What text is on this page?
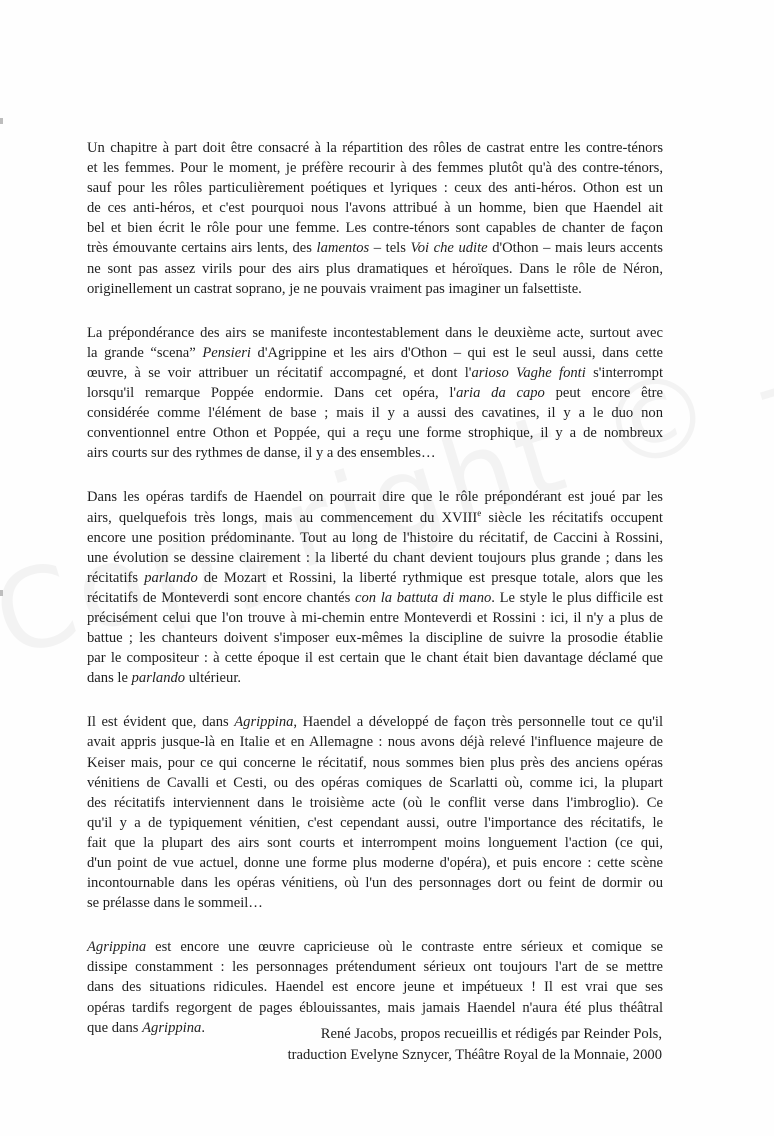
Un chapitre à part doit être consacré à la répartition des rôles de castrat entre les contre-ténors
et les femmes. Pour le moment, je préfère recourir à des femmes plutôt qu'à des contre-ténors,
sauf pour les rôles particulièrement poétiques et lyriques : ceux des anti-héros. Othon est un
de ces anti-héros, et c'est pourquoi nous l'avons attribué à un homme, bien que Haendel ait
bel et bien écrit le rôle pour une femme. Les contre-ténors sont capables de chanter de façon
très émouvante certains airs lents, des lamentos – tels Voi che udite d'Othon – mais leurs accents
ne sont pas assez virils pour des airs plus dramatiques et héroïques. Dans le rôle de Néron,
originellement un castrat soprano, je ne pouvais vraiment pas imaginer un falsettiste.

La prépondérance des airs se manifeste incontestablement dans le deuxième acte, surtout avec
la grande “scena” Pensieri d'Agrippine et les airs d'Othon – qui est le seul aussi, dans cette
œuvre, à se voir attribuer un récitatif accompagné, et dont l'arioso Vaghe fonti s'interrompt
lorsqu'il remarque Poppée endormie. Dans cet opéra, l'aria da capo peut encore être
considérée comme l'élément de base ; mais il y a aussi des cavatines, il y a le duo non
conventionnel entre Othon et Poppée, qui a reçu une forme strophique, il y a de nombreux
airs courts sur des rythmes de danse, il y a des ensembles…

Dans les opéras tardifs de Haendel on pourrait dire que le rôle prépondérant est joué par les
airs, quelquefois très longs, mais au commencement du XVIIIe siècle les récitatifs occupent
encore une position prédominante. Tout au long de l'histoire du récitatif, de Caccini à Rossini,
une évolution se dessine clairement : la liberté du chant devient toujours plus grande ; dans les
récitatifs parlando de Mozart et Rossini, la liberté rythmique est presque totale, alors que les
récitatifs de Monteverdi sont encore chantés con la battuta di mano. Le style le plus difficile est
précisément celui que l'on trouve à mi-chemin entre Monteverdi et Rossini : ici, il n'y a plus de
battue ; les chanteurs doivent s'imposer eux-mêmes la discipline de suivre la prosodie établie
par le compositeur : à cette époque il est certain que le chant était bien davantage déclamé que
dans le parlando ultérieur.

Il est évident que, dans Agrippina, Haendel a développé de façon très personnelle tout ce qu'il
avait appris jusque-là en Italie et en Allemagne : nous avons déjà relevé l'influence majeure de
Keiser mais, pour ce qui concerne le récitatif, nous sommes bien plus près des anciens opéras
vénitiens de Cavalli et Cesti, ou des opéras comiques de Scarlatti où, comme ici, la plupart
des récitatifs interviennent dans le troisième acte (où le conflit verse dans l'imbroglio). Ce
qu'il y a de typiquement vénitien, c'est cependant aussi, outre l'importance des récitatifs, le
fait que la plupart des airs sont courts et interrompent moins longuement l'action (ce qui,
d'un point de vue actuel, donne une forme plus moderne d'opéra), et puis encore : cette scène
incontournable dans les opéras vénitiens, où l'un des personnages dort ou feint de dormir ou
se prélasse dans le sommeil…

Agrippina est encore une œuvre capricieuse où le contraste entre sérieux et comique se
dissipe constamment : les personnages prétendument sérieux ont toujours l'art de se mettre
dans des situations ridicules. Haendel est encore jeune et impétueux ! Il est vrai que ses
opéras tardifs regorgent de pages éblouissantes, mais jamais Haendel n'aura été plus théâtral
que dans Agrippina.	René Jacobs, propos recueillis et rédigés par Reinder Pols,
traduction Evelyne Sznycer, Théâtre Royal de la Monnaie, 2000
